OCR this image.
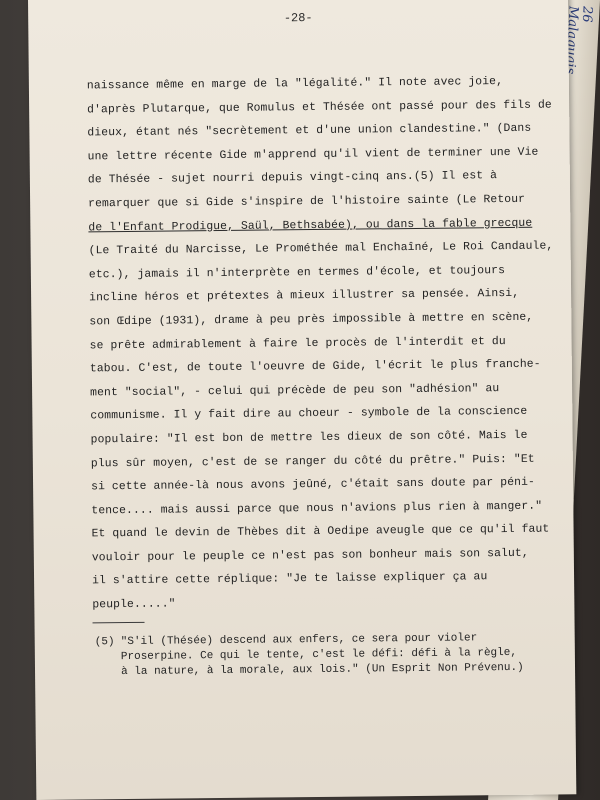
26
Malaquais
-28-
naissance même en marge de la "légalité." Il note avec joie,
d'après Plutarque, que Romulus et Thésée ont passé pour des fils de
dieux, étant nés "secrètement et d'une union clandestine." (Dans
une lettre récente Gide m'apprend qu'il vient de terminer une Vie
de Thésée - sujet nourri depuis vingt-cinq ans.(5) Il est à
remarquer que si Gide s'inspire de l'histoire sainte (Le Retour
de l'Enfant Prodigue, Saül, Bethsabée), ou dans la fable grecque
(Le Traité du Narcisse, Le Prométhée mal Enchaîné, Le Roi Candaule,
etc.), jamais il n'interprète en termes d'école, et toujours
incline héros et prétextes à mieux illustrer sa pensée. Ainsi,
son Œdipe (1931), drame à peu près impossible à mettre en scène,
se prête admirablement à faire le procès de l'interdit et du
tabou. C'est, de toute l'oeuvre de Gide, l'écrit le plus franche-
ment "social", - celui qui précède de peu son "adhésion" au
communisme. Il y fait dire au choeur - symbole de la conscience
populaire: "Il est bon de mettre les dieux de son côté. Mais le
plus sûr moyen, c'est de se ranger du côté du prêtre." Puis: "Et
si cette année-là nous avons jeûné, c'était sans doute par péni-
tence.... mais aussi parce que nous n'avions plus rien à manger."
Et quand le devin de Thèbes dit à Oedipe aveugle que ce qu'il faut
vouloir pour le peuple ce n'est pas son bonheur mais son salut,
il s'attire cette réplique: "Je te laisse expliquer ça au
peuple....."
(5) "S'il (Thésée) descend aux enfers, ce sera pour violer
Proserpine. Ce qui le tente, c'est le défi: défi à la règle,
à la nature, à la morale, aux lois." (Un Esprit Non Prévenu.)
